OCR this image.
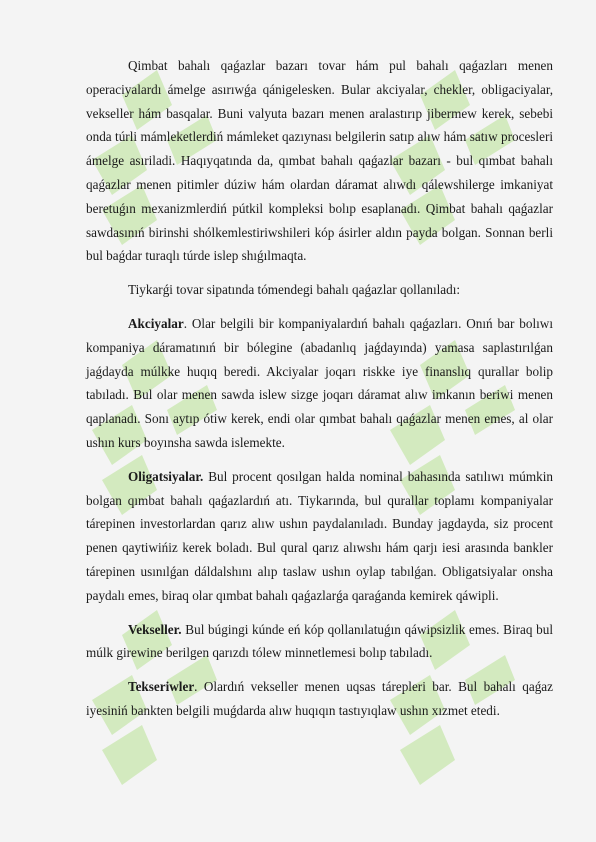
Qimbat bahalı qaǵazlar bazarı tovar hám pul bahalı qaǵazları menen operaciyalardı ámelge asırıwǵa qánigelesken. Bular akciyalar, chekler, obligaciyalar, vekseller hám basqalar. Buni valyuta bazarı menen aralastırıp jibermew kerek, sebebi onda túrli mámleketlerdiń mámleket qazıynası belgilerin satıp alıw hám satıw procesleri ámelge asıriladi. Haqıyqatında da, qımbat bahalı qaǵazlar bazarı - bul qımbat bahalı qaǵazlar menen pitimler dúziw hám olardan dáramat alıwdı qálewshilerge imkaniyat beretuǵın mexanizmlerdiń pútkil kompleksi bolıp esaplanadı. Qimbat bahalı qaǵazlar sawdasınıń birinshi shólkemlestiriwshileri kóp ásirler aldın payda bolgan. Sonnan berli bul baǵdar turaqlı túrde islep shıǵılmaqta.

Tiykarǵi tovar sipatında tómendegi bahalı qaǵazlar qollanıladı:

Akciyalar. Olar belgili bir kompaniyalardıń bahalı qaǵazları. Onıń bar bolıwı kompaniya dáramatınıń bir bólegine (abadanlıq jaǵdayında) yamasa saplastırılǵan jaǵdayda múlkke huqıq beredi. Akciyalar joqarı riskke iye finanslıq qurallar bolip tabıladı. Bul olar menen sawda islew sizge joqarı dáramat alıw imkanın beriwi menen qaplanadı. Sonı aytıp ótiw kerek, endi olar qımbat bahalı qaǵazlar menen emes, al olar ushın kurs boyınsha sawda islemekte.

Oligatsiyalar. Bul procent qosılgan halda nominal bahasında satılıwı múmkin bolgan qımbat bahalı qaǵazlardıń atı. Tiykarında, bul qurallar toplamı kompaniyalar tárepinen investorlardan qarız alıw ushın paydalanıladı. Bunday jagdayda, siz procent penen qaytiwińiz kerek boladı. Bul qural qarız alıwshı hám qarjı iesi arasında bankler tárepinen usınılǵan dáldalshını alıp taslaw ushın oylap tabılǵan. Obligatsiyalar onsha paydalı emes, biraq olar qımbat bahalı qaǵazlarǵa qaraǵanda kemirek qáwipli.

Vekseller. Bul búgingi kúnde eń kóp qollanılatuǵın qáwipsizlik emes. Biraq bul múlk girewine berilgen qarızdı tólew minnetlemesi bolıp tabıladı.

Tekseriwler. Olardıń vekseller menen uqsas tárepleri bar. Bul bahalı qaǵaz iyesiniń bankten belgili muǵdarda alıw huqıqın tastıyıqlaw ushın xızmet etedi.
